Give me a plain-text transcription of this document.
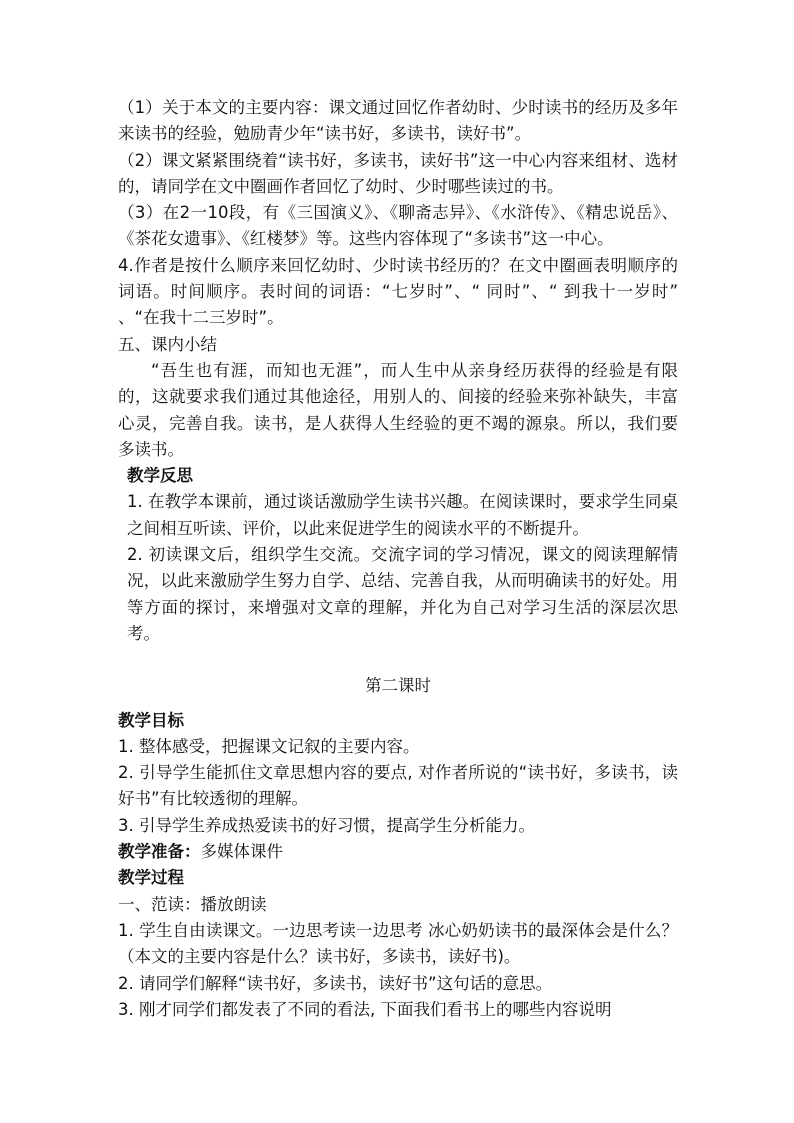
（1）关于本文的主要内容：课文通过回忆作者幼时、少时读书的经历及多年来读书的经验，勉励青少年“读书好，多读书，读好书”。

（2）课文紧紧围绕着“读书好，多读书，读好书”这一中心内容来组材、选材的，请同学在文中圈画作者回忆了幼时、少时哪些读过的书。

（3）在2一10段，有《三国演义》、《聊斋志异》、《水浒传》、《精忠说岳》、《茶花女遗事》、《红楼梦》等。这些内容体现了“多读书”这一中心。

4.作者是按什么顺序来回忆幼时、少时读书经历的？在文中圈画表明顺序的词语。时间顺序。表时间的词语：“七岁时”、“ 同时”、“ 到我十一岁时” 、“在我十二三岁时”。

五、课内小结

“吾生也有涯，而知也无涯”，而人生中从亲身经历获得的经验是有限的，这就要求我们通过其他途径，用别人的、间接的经验来弥补缺失，丰富心灵，完善自我。读书，是人获得人生经验的更不竭的源泉。所以，我们要多读书。

教学反思

1. 在教学本课前，通过谈话激励学生读书兴趣。在阅读课时，要求学生同桌之间相互听读、评价，以此来促进学生的阅读水平的不断提升。

2. 初读课文后，组织学生交流。交流字词的学习情况，课文的阅读理解情况，以此来激励学生努力自学、总结、完善自我，从而明确读书的好处。用等方面的探讨，来增强对文章的理解，并化为自己对学习生活的深层次思考。

第二课时

教学目标

1. 整体感受，把握课文记叙的主要内容。

2. 引导学生能抓住文章思想内容的要点, 对作者所说的“读书好，多读书，读好书”有比较透彻的理解。

3. 引导学生养成热爱读书的好习惯，提高学生分析能力。

教学准备：多媒体课件

教学过程

一、范读：播放朗读

1. 学生自由读课文。一边思考读一边思考 冰心奶奶读书的最深体会是什么？（本文的主要内容是什么？读书好，多读书，读好书)。

2. 请同学们解释“读书好，多读书，读好书”这句话的意思。

3. 刚才同学们都发表了不同的看法, 下面我们看书上的哪些内容说明
